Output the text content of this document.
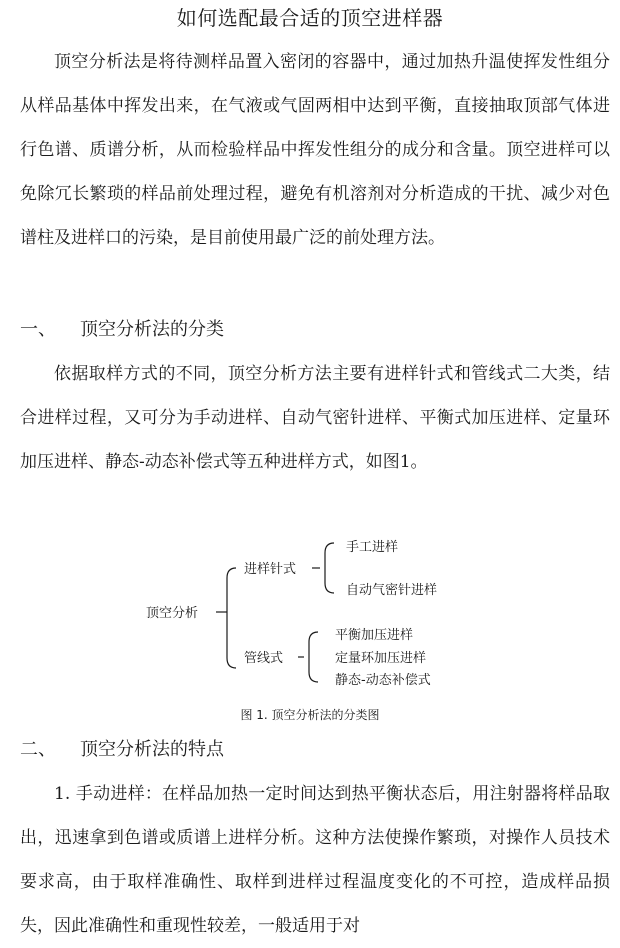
如何选配最合适的顶空进样器

顶空分析法是将待测样品置入密闭的容器中，通过加热升温使挥发性组分从样品基体中挥发出来，在气液或气固两相中达到平衡，直接抽取顶部气体进行色谱、质谱分析，从而检验样品中挥发性组分的成分和含量。顶空进样可以免除冗长繁琐的样品前处理过程，避免有机溶剂对分析造成的干扰、减少对色谱柱及进样口的污染，是目前使用最广泛的前处理方法。

一、 顶空分析法的分类

依据取样方式的不同，顶空分析方法主要有进样针式和管线式二大类，结合进样过程，又可分为手动进样、自动气密针进样、平衡式加压进样、定量环加压进样、静态-动态补偿式等五种进样方式，如图1。

顶空分析
进样针式
手工进样
自动气密针进样
管线式
平衡加压进样
定量环加压进样
静态-动态补偿式
图 1. 顶空分析法的分类图
二、 顶空分析法的特点

1. 手动进样：在样品加热一定时间达到热平衡状态后，用注射器将样品取出，迅速拿到色谱或质谱上进样分析。这种方法使操作繁琐，对操作人员技术要求高，由于取样准确性、取样到进样过程温度变化的不可控，造成样品损失，因此准确性和重现性较差，一般适用于对
